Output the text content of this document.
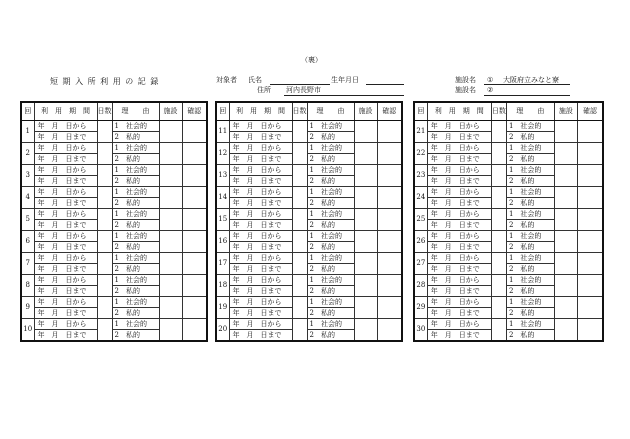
（裏）
短 期 入 所 利 用 の 記 録	対象者 氏名	生年月日
住所 河内長野市
施設名 ① 大阪府立みなと寮
施設名 ②
回	利　用　期　間	日数	理　　由	施設	確認
1	年 月 日から		1　社会的		
	年 月 日まで		2　私的		
2	年 月 日から		1　社会的		
	年 月 日まで		2　私的		
3	年 月 日から		1　社会的		
	年 月 日まで		2　私的		
4	年 月 日から		1　社会的		
	年 月 日まで		2　私的		
5	年 月 日から		1　社会的		
	年 月 日まで		2　私的		
6	年 月 日から		1　社会的		
	年 月 日まで		2　私的		
7	年 月 日から		1　社会的		
	年 月 日まで		2　私的		
8	年 月 日から		1　社会的		
	年 月 日まで		2　私的		
9	年 月 日から		1　社会的		
	年 月 日まで		2　私的		
10	年 月 日から		1　社会的		
	年 月 日まで		2　私的		
回	利　用　期　間	日数	理　　由	施設	確認
11	年 月 日から		1　社会的		
	年 月 日まで		2　私的		
12	年 月 日から		1　社会的		
	年 月 日まで		2　私的		
13	年 月 日から		1　社会的		
	年 月 日まで		2　私的		
14	年 月 日から		1　社会的		
	年 月 日まで		2　私的		
15	年 月 日から		1　社会的		
	年 月 日まで		2　私的		
16	年 月 日から		1　社会的		
	年 月 日まで		2　私的		
17	年 月 日から		1　社会的		
	年 月 日まで		2　私的		
18	年 月 日から		1　社会的		
	年 月 日まで		2　私的		
19	年 月 日から		1　社会的		
	年 月 日まで		2　私的		
20	年 月 日から		1　社会的		
	年 月 日まで		2　私的		
回	利　用　期　間	日数	理　　由	施設	確認
21	年 月 日から		1　社会的		
	年 月 日まで		2　私的		
22	年 月 日から		1　社会的		
	年 月 日まで		2　私的		
23	年 月 日から		1　社会的		
	年 月 日まで		2　私的		
24	年 月 日から		1　社会的		
	年 月 日まで		2　私的		
25	年 月 日から		1　社会的		
	年 月 日まで		2　私的		
26	年 月 日から		1　社会的		
	年 月 日まで		2　私的		
27	年 月 日から		1　社会的		
	年 月 日まで		2　私的		
28	年 月 日から		1　社会的		
	年 月 日まで		2　私的		
29	年 月 日から		1　社会的		
	年 月 日まで		2　私的		
30	年 月 日から		1　社会的		
	年 月 日まで		2　私的		
